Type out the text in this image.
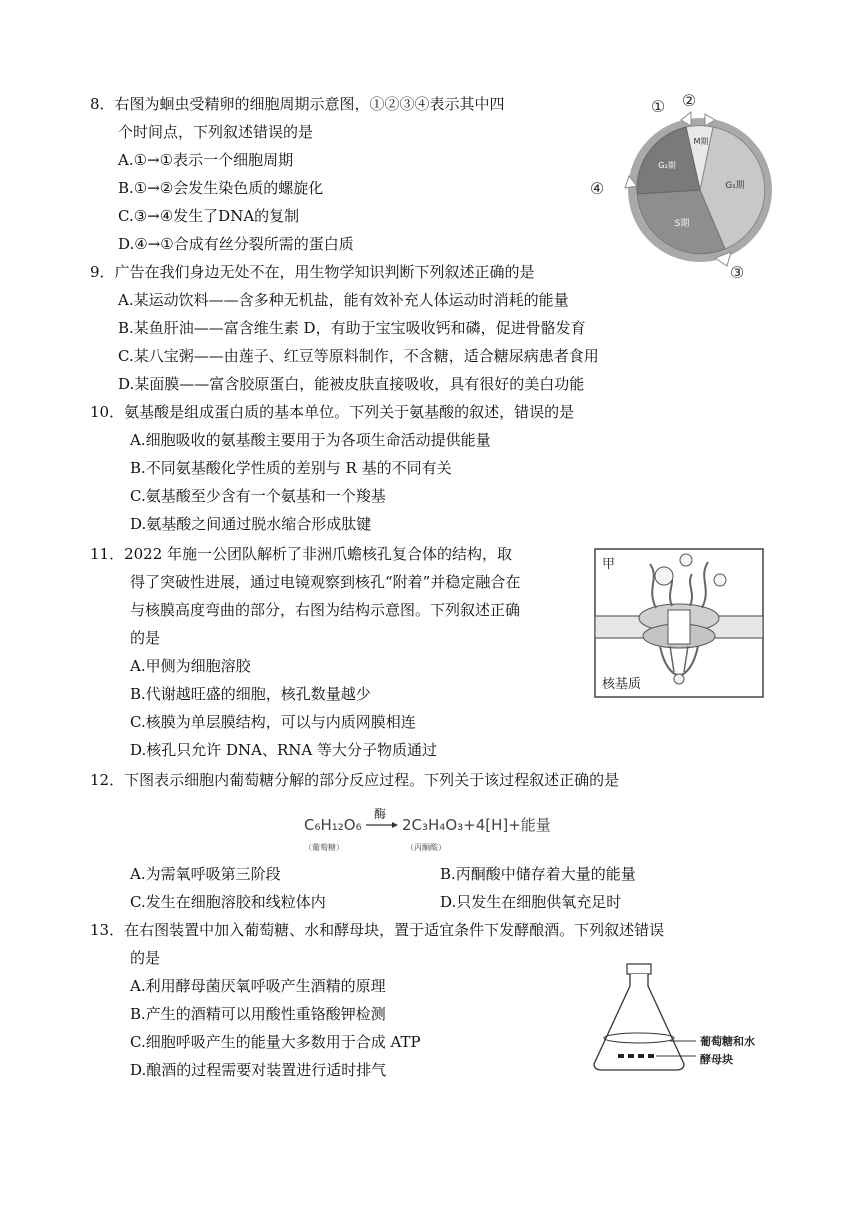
8．右图为蛔虫受精卵的细胞周期示意图，①②③④表示其中四
个时间点，下列叙述错误的是
A.①→①表示一个细胞周期
B.①→②会发生染色质的螺旋化
C.③→④发生了DNA的复制
D.④→①合成有丝分裂所需的蛋白质
M期
G₁期
S期
G₂期
① ②
③
④
9．广告在我们身边无处不在，用生物学知识判断下列叙述正确的是
A.某运动饮料——含多种无机盐，能有效补充人体运动时消耗的能量
B.某鱼肝油——富含维生素 D，有助于宝宝吸收钙和磷，促进骨骼发育
C.某八宝粥——由莲子、红豆等原料制作，不含糖，适合糖尿病患者食用
D.某面膜——富含胶原蛋白，能被皮肤直接吸收，具有很好的美白功能
10．氨基酸是组成蛋白质的基本单位。下列关于氨基酸的叙述，错误的是
A.细胞吸收的氨基酸主要用于为各项生命活动提供能量
B.不同氨基酸化学性质的差别与 R 基的不同有关
C.氨基酸至少含有一个氨基和一个羧基
D.氨基酸之间通过脱水缩合形成肽键
11．2022 年施一公团队解析了非洲爪蟾核孔复合体的结构，取
得了突破性进展，通过电镜观察到核孔“附着”并稳定融合在
与核膜高度弯曲的部分，右图为结构示意图。下列叙述正确
的是
A.甲侧为细胞溶胶
B.代谢越旺盛的细胞，核孔数量越少
C.核膜为单层膜结构，可以与内质网膜相连
D.核孔只允许 DNA、RNA 等大分子物质通过
甲
核基质
12．下图表示细胞内葡萄糖分解的部分反应过程。下列关于该过程叙述正确的是
C₆H₁₂O₆
酶
2C₃H₄O₃+4[H]+能量
（葡萄糖）	（丙酮酸）
A.为需氧呼吸第三阶段	B.丙酮酸中储存着大量的能量
C.发生在细胞溶胶和线粒体内	D.只发生在细胞供氧充足时
13．在右图装置中加入葡萄糖、水和酵母块，置于适宜条件下发酵酿酒。下列叙述错误
的是
A.利用酵母菌厌氧呼吸产生酒精的原理
B.产生的酒精可以用酸性重铬酸钾检测
C.细胞呼吸产生的能量大多数用于合成 ATP
D.酿酒的过程需要对装置进行适时排气
葡萄糖和水
酵母块
